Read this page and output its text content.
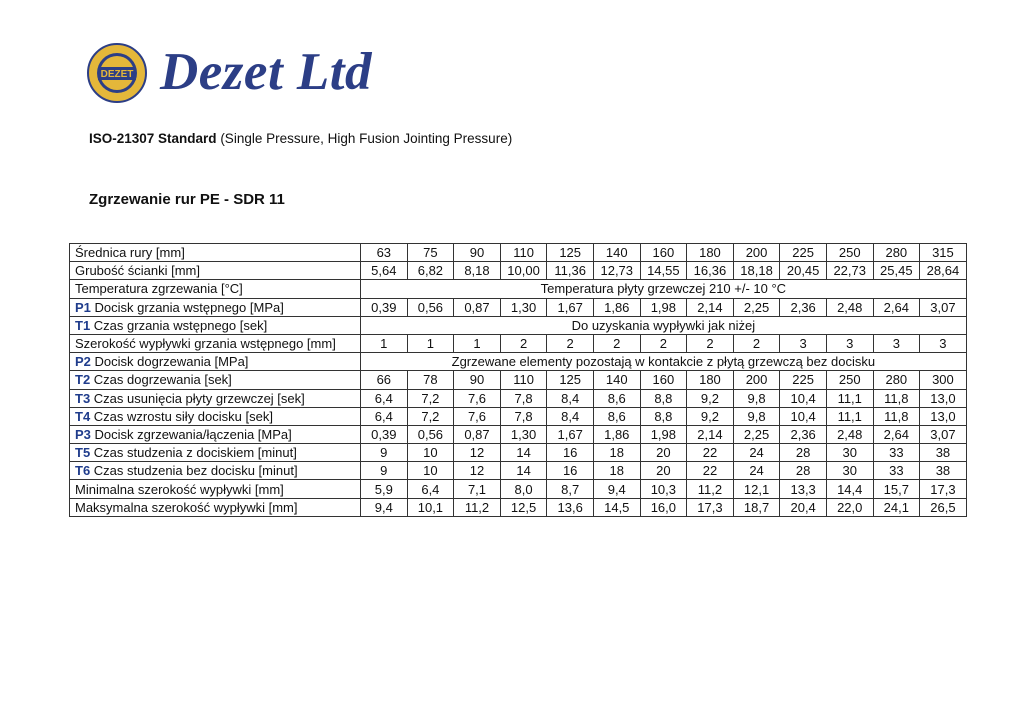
DEZET Dezet Ltd
ISO-21307 Standard (Single Pressure, High Fusion Jointing Pressure)
Zgrzewanie rur PE - SDR 11
Średnica rury [mm]	63	75	90	110	125	140	160	180	200	225	250	280	315
Grubość ścianki [mm]	5,64	6,82	8,18	10,00	11,36	12,73	14,55	16,36	18,18	20,45	22,73	25,45	28,64
Temperatura zgrzewania [°C]	Temperatura płyty grzewczej 210 +/- 10 °C												
P1 Docisk grzania wstępnego [MPa]	0,39	0,56	0,87	1,30	1,67	1,86	1,98	2,14	2,25	2,36	2,48	2,64	3,07
T1 Czas grzania wstępnego [sek]	Do uzyskania wypływki jak niżej												
Szerokość wypływki grzania wstępnego [mm]	1	1	1	2	2	2	2	2	2	3	3	3	3
P2 Docisk dogrzewania [MPa]	Zgrzewane elementy pozostają w kontakcie z płytą grzewczą bez docisku												
T2 Czas dogrzewania [sek]	66	78	90	110	125	140	160	180	200	225	250	280	300
T3 Czas usunięcia płyty grzewczej [sek]	6,4	7,2	7,6	7,8	8,4	8,6	8,8	9,2	9,8	10,4	11,1	11,8	13,0
T4 Czas wzrostu siły docisku [sek]	6,4	7,2	7,6	7,8	8,4	8,6	8,8	9,2	9,8	10,4	11,1	11,8	13,0
P3 Docisk zgrzewania/łączenia [MPa]	0,39	0,56	0,87	1,30	1,67	1,86	1,98	2,14	2,25	2,36	2,48	2,64	3,07
T5 Czas studzenia z dociskiem [minut]	9	10	12	14	16	18	20	22	24	28	30	33	38
T6 Czas studzenia bez docisku [minut]	9	10	12	14	16	18	20	22	24	28	30	33	38
Minimalna szerokość wypływki [mm]	5,9	6,4	7,1	8,0	8,7	9,4	10,3	11,2	12,1	13,3	14,4	15,7	17,3
Maksymalna szerokość wypływki [mm]	9,4	10,1	11,2	12,5	13,6	14,5	16,0	17,3	18,7	20,4	22,0	24,1	26,5
